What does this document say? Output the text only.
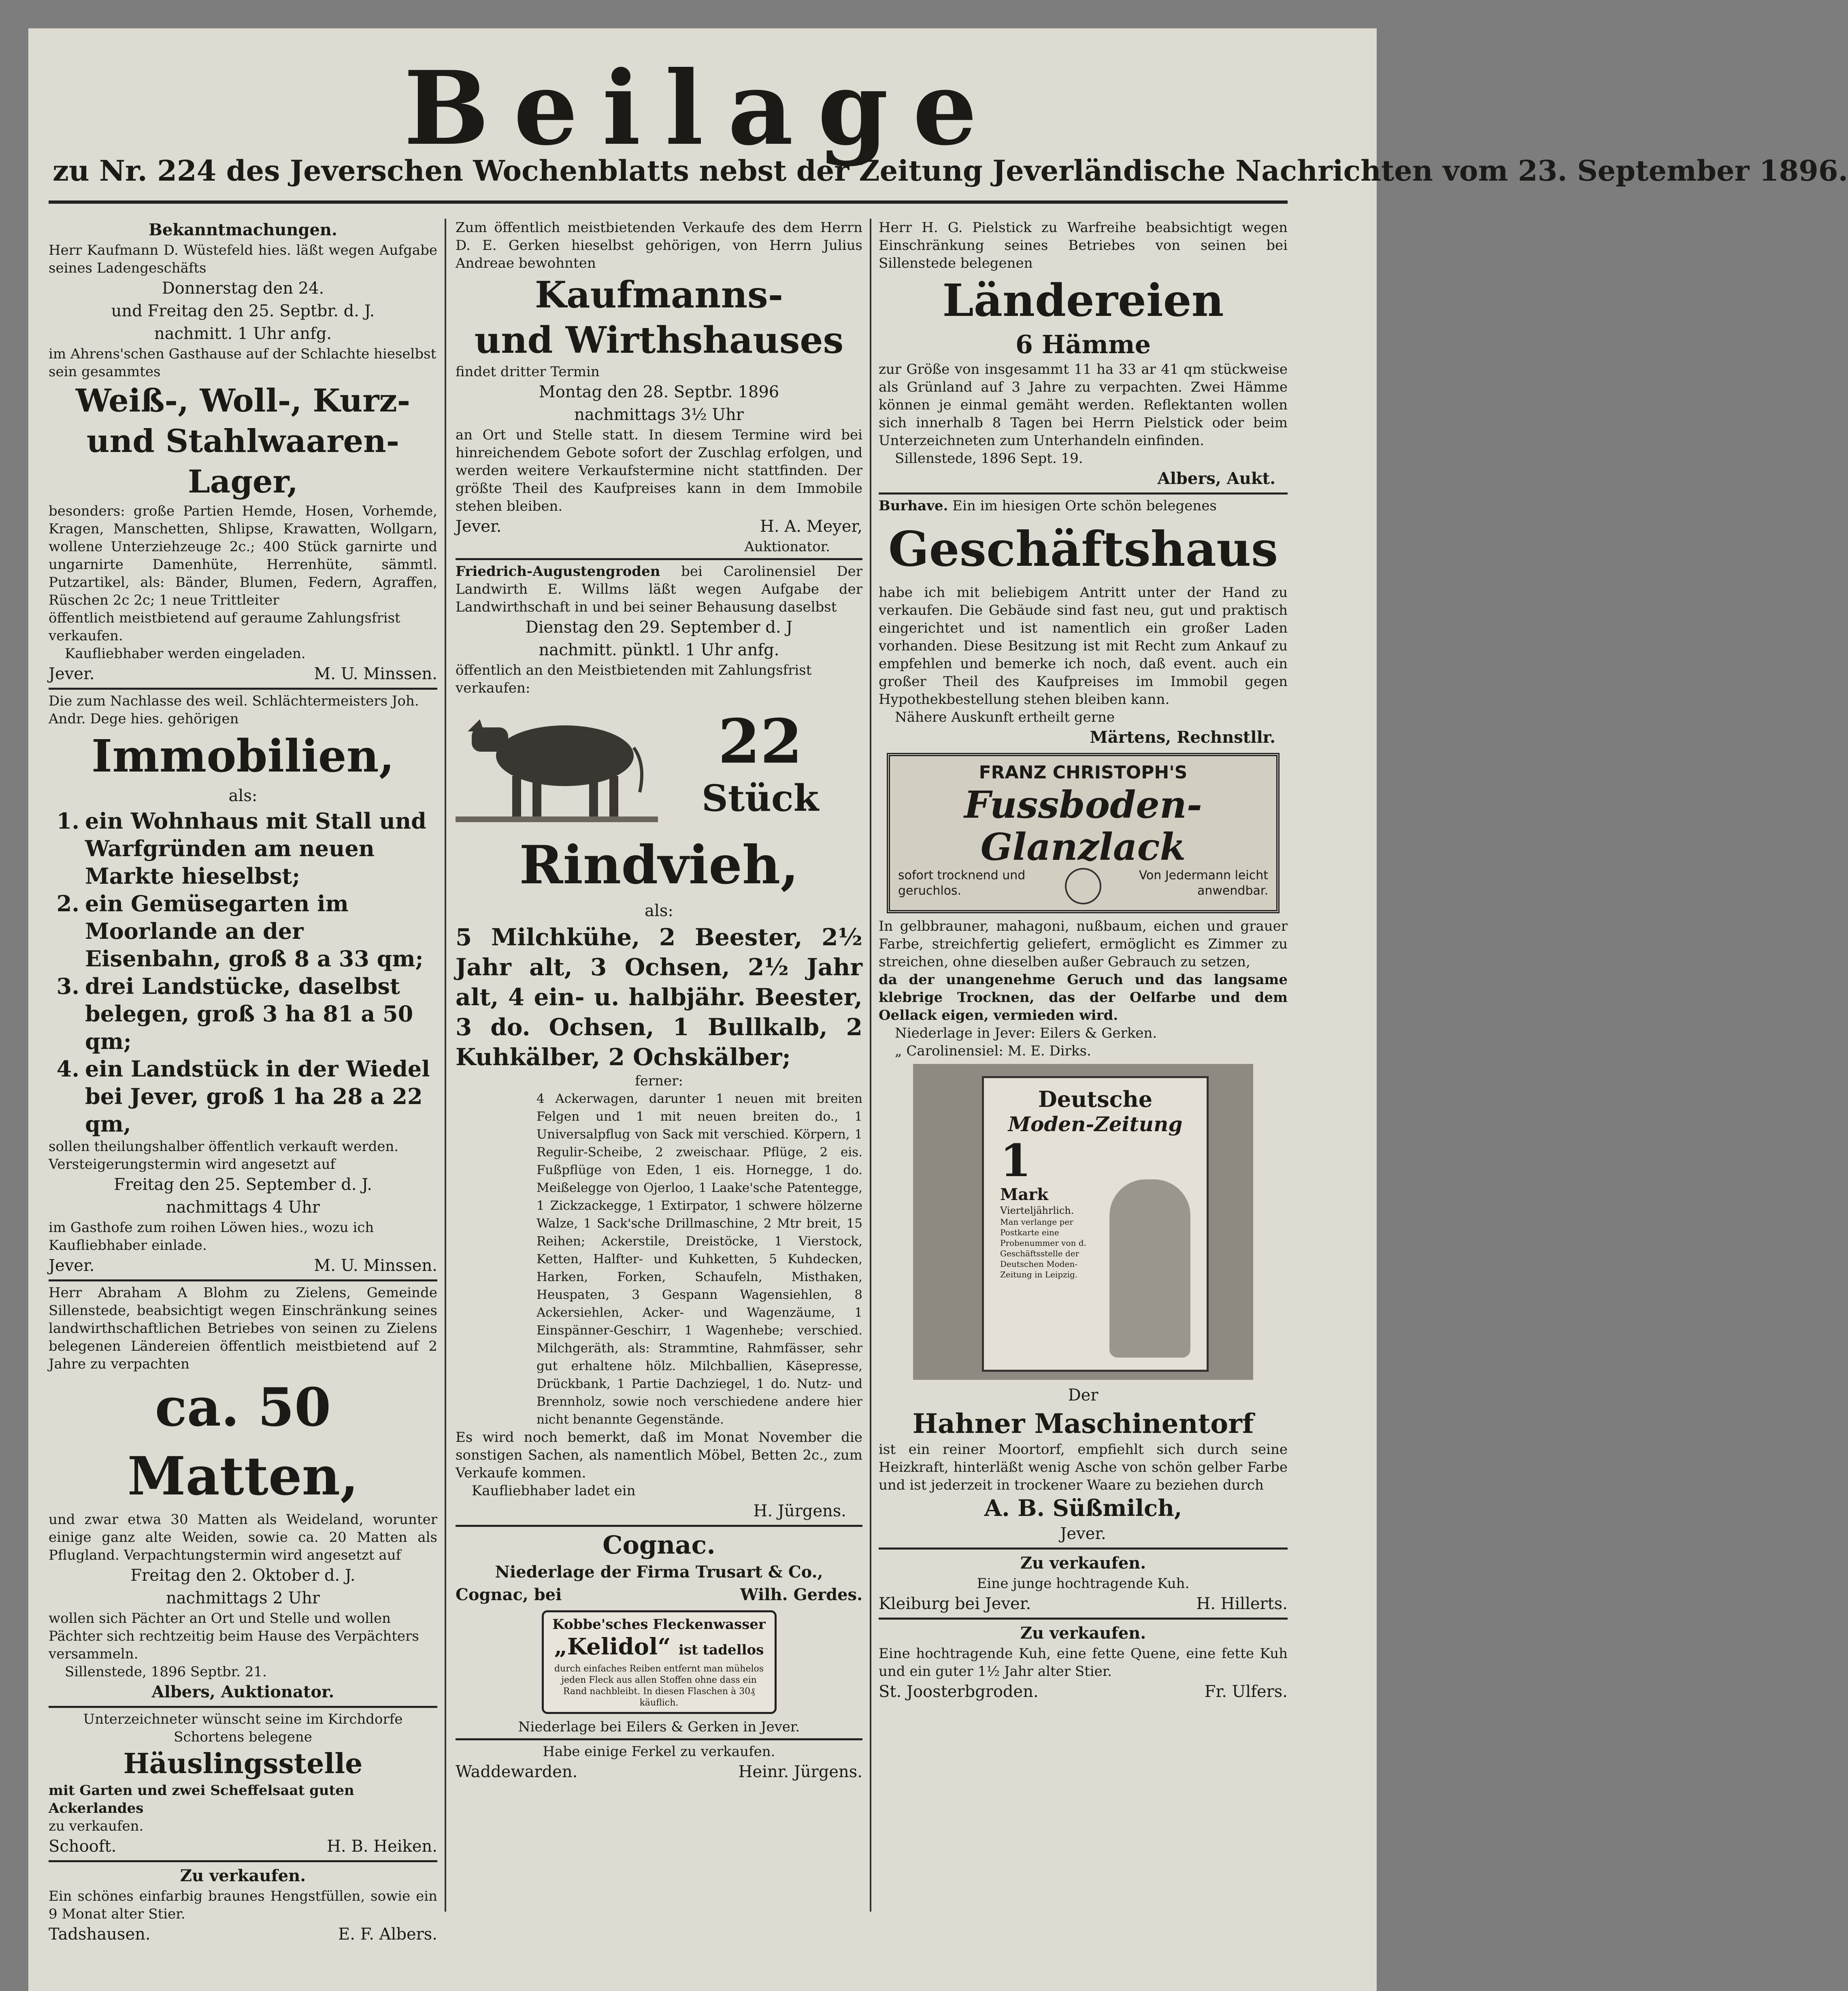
Beilage
zu Nr. 224 des Jeverschen Wochenblatts nebst der Zeitung Jeverländische Nachrichten vom 23. September 1896.
Bekanntmachungen.
Herr Kaufmann D. Wüstefeld hies. läßt wegen Aufgabe seines Ladengeschäfts
Donnerstag den 24.
und Freitag den 25. Septbr. d. J.
nachmitt. 1 Uhr anfg.
im Ahrens'schen Gasthause auf der Schlachte hieselbst sein gesammtes
Weiß-, Woll-, Kurz-
und Stahlwaaren-Lager,
besonders: große Partien Hemde, Hosen, Vorhemde, Kragen, Manschetten, Shlipse, Krawatten, Wollgarn, wollene Unterziehzeuge 2c.; 400 Stück garnirte und ungarnirte Damenhüte, Herrenhüte, sämmtl. Putzartikel, als: Bänder, Blumen, Federn, Agraffen, Rüschen 2c 2c; 1 neue Trittleiter
öffentlich meistbietend auf geraume Zahlungsfrist verkaufen.
Kaufliebhaber werden eingeladen.
Jever.	M. U. Minssen.
Die zum Nachlasse des weil. Schlächtermeisters Joh. Andr. Dege hies. gehörigen
Immobilien,
als:
1. ein Wohnhaus mit Stall und Warfgründen am neuen Markte hieselbst;
2. ein Gemüsegarten im Moorlande an der Eisenbahn, groß 8 a 33 qm;
3. drei Landstücke, daselbst belegen, groß 3 ha 81 a 50 qm;
4. ein Landstück in der Wiedel bei Jever, groß 1 ha 28 a 22 qm,
sollen theilungshalber öffentlich verkauft werden. Versteigerungstermin wird angesetzt auf
Freitag den 25. September d. J.
nachmittags 4 Uhr
im Gasthofe zum roihen Löwen hies., wozu ich Kaufliebhaber einlade.
Jever.	M. U. Minssen.
Herr Abraham A Blohm zu Zielens, Gemeinde Sillenstede, beabsichtigt wegen Einschränkung seines landwirthschaftlichen Betriebes von seinen zu Zielens belegenen Ländereien öffentlich meistbietend auf 2 Jahre zu verpachten
ca. 50 Matten,
und zwar etwa 30 Matten als Weideland, worunter einige ganz alte Weiden, sowie ca. 20 Matten als Pflugland. Verpachtungstermin wird angesetzt auf
Freitag den 2. Oktober d. J.
nachmittags 2 Uhr
wollen sich Pächter an Ort und Stelle und wollen Pächter sich rechtzeitig beim Hause des Verpächters versammeln.
Sillenstede, 1896 Septbr. 21.
Albers, Auktionator.
Unterzeichneter wünscht seine im Kirchdorfe Schortens belegene
Häuslingsstelle
mit Garten und zwei Scheffelsaat guten Ackerlandes
zu verkaufen.
Schooft.	H. B. Heiken.
Zu verkaufen.
Ein schönes einfarbig braunes Hengstfüllen, sowie ein 9 Monat alter Stier.
Tadshausen.	E. F. Albers.
Zum öffentlich meistbietenden Verkaufe des dem Herrn D. E. Gerken hieselbst gehörigen, von Herrn Julius Andreae bewohnten
Kaufmanns-
und Wirthshauses
findet dritter Termin
Montag den 28. Septbr. 1896
nachmittags 3½ Uhr
an Ort und Stelle statt. In diesem Termine wird bei hinreichendem Gebote sofort der Zuschlag erfolgen, und werden weitere Verkaufstermine nicht stattfinden. Der größte Theil des Kaufpreises kann in dem Immobile stehen bleiben.
Jever.	H. A. Meyer,
Auktionator.
Friedrich-Augustengroden bei Carolinensiel Der Landwirth E. Willms läßt wegen Aufgabe der Landwirthschaft in und bei seiner Behausung daselbst
Dienstag den 29. September d. J
nachmitt. pünktl. 1 Uhr anfg.
öffentlich an den Meistbietenden mit Zahlungsfrist verkaufen:
22
Stück
Rindvieh,
als:
5 Milchkühe, 2 Beester, 2½ Jahr alt, 3 Ochsen, 2½ Jahr alt, 4 ein- u. halbjähr. Beester, 3 do. Ochsen, 1 Bullkalb, 2 Kuhkälber, 2 Ochskälber;
ferner:
4 Ackerwagen, darunter 1 neuen mit breiten Felgen und 1 mit neuen breiten do., 1 Universalpflug von Sack mit verschied. Körpern, 1 Regulir-Scheibe, 2 zweischaar. Pflüge, 2 eis. Fußpflüge von Eden, 1 eis. Hornegge, 1 do. Meißelegge von Ojerloo, 1 Laake'sche Patentegge, 1 Zickzackegge, 1 Extirpator, 1 schwere hölzerne Walze, 1 Sack'sche Drillmaschine, 2 Mtr breit, 15 Reihen; Ackerstile, Dreistöcke, 1 Vierstock, Ketten, Halfter- und Kuhketten, 5 Kuhdecken, Harken, Forken, Schaufeln, Misthaken, Heuspaten, 3 Gespann Wagensiehlen, 8 Ackersiehlen, Acker- und Wagenzäume, 1 Einspänner-Geschirr, 1 Wagenhebe; verschied. Milchgeräth, als: Strammtine, Rahmfässer, sehr gut erhaltene hölz. Milchballien, Käsepresse, Drückbank, 1 Partie Dachziegel, 1 do. Nutz- und Brennholz, sowie noch verschiedene andere hier nicht benannte Gegenstände.
Es wird noch bemerkt, daß im Monat November die sonstigen Sachen, als namentlich Möbel, Betten 2c., zum Verkaufe kommen.
Kaufliebhaber ladet ein
H. Jürgens.
Cognac.
Niederlage der Firma Trusart & Co.,
Cognac, bei	Wilh. Gerdes.
Kobbe'sches Fleckenwasser
„Kelidol“ ist tadellos
durch einfaches Reiben entfernt man mühelos jeden Fleck aus allen Stoffen ohne dass ein Rand nachbleibt. In diesen Flaschen à 30₰ käuflich.
Niederlage bei Eilers & Gerken in Jever.
Habe einige Ferkel zu verkaufen.
Waddewarden.	Heinr. Jürgens.
Herr H. G. Pielstick zu Warfreihe beabsichtigt wegen Einschränkung seines Betriebes von seinen bei Sillenstede belegenen
Ländereien
6 Hämme
zur Größe von insgesammt 11 ha 33 ar 41 qm stückweise als Grünland auf 3 Jahre zu verpachten. Zwei Hämme können je einmal gemäht werden. Reflektanten wollen sich innerhalb 8 Tagen bei Herrn Pielstick oder beim Unterzeichneten zum Unterhandeln einfinden.
Sillenstede, 1896 Sept. 19.
Albers, Aukt.
Burhave. Ein im hiesigen Orte schön belegenes
Geschäftshaus
habe ich mit beliebigem Antritt unter der Hand zu verkaufen. Die Gebäude sind fast neu, gut und praktisch eingerichtet und ist namentlich ein großer Laden vorhanden. Diese Besitzung ist mit Recht zum Ankauf zu empfehlen und bemerke ich noch, daß event. auch ein großer Theil des Kaufpreises im Immobil gegen Hypothekbestellung stehen bleiben kann.
Nähere Auskunft ertheilt gerne
Märtens, Rechnstllr.
FRANZ CHRISTOPH'S
Fussboden-
Glanzlack
sofort trocknend und geruchlos.
Von Jedermann leicht anwendbar.
In gelbbrauner, mahagoni, nußbaum, eichen und grauer Farbe, streichfertig geliefert, ermöglicht es Zimmer zu streichen, ohne dieselben außer Gebrauch zu setzen,
da der unangenehme Geruch und das langsame klebrige Trocknen, das der Oelfarbe und dem Oellack eigen, vermieden wird.
Niederlage in Jever: Eilers & Gerken.
„ Carolinensiel: M. E. Dirks.
Deutsche
Moden-Zeitung
1
Mark
Vierteljährlich.
Man verlange per Postkarte eine Probenummer von d. Geschäftsstelle der Deutschen Moden-Zeitung in Leipzig.
Der
Hahner Maschinentorf
ist ein reiner Moortorf, empfiehlt sich durch seine Heizkraft, hinterläßt wenig Asche von schön gelber Farbe und ist jederzeit in trockener Waare zu beziehen durch
A. B. Süßmilch,
Jever.
Zu verkaufen.
Eine junge hochtragende Kuh.
Kleiburg bei Jever.	H. Hillerts.
Zu verkaufen.
Eine hochtragende Kuh, eine fette Quene, eine fette Kuh und ein guter 1½ Jahr alter Stier.
St. Joosterbgroden.	Fr. Ulfers.
